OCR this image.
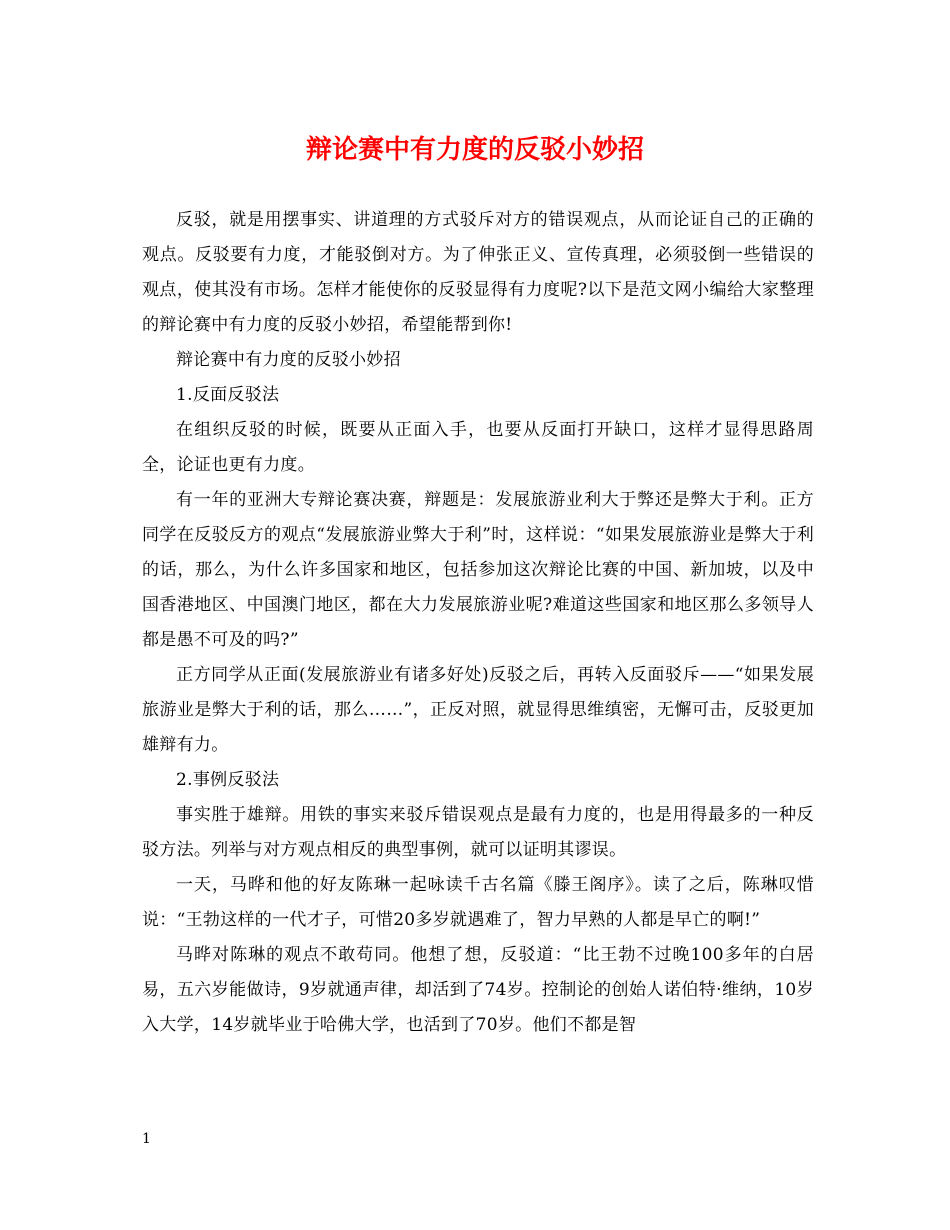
辩论赛中有力度的反驳小妙招

反驳，就是用摆事实、讲道理的方式驳斥对方的错误观点，从而论证自己的正确的观点。反驳要有力度，才能驳倒对方。为了伸张正义、宣传真理，必须驳倒一些错误的观点，使其没有市场。怎样才能使你的反驳显得有力度呢?以下是范文网小编给大家整理的辩论赛中有力度的反驳小妙招，希望能帮到你!

辩论赛中有力度的反驳小妙招

1.反面反驳法

在组织反驳的时候，既要从正面入手，也要从反面打开缺口，这样才显得思路周全，论证也更有力度。

有一年的亚洲大专辩论赛决赛，辩题是：发展旅游业利大于弊还是弊大于利。正方同学在反驳反方的观点“发展旅游业弊大于利”时，这样说：“如果发展旅游业是弊大于利的话，那么，为什么许多国家和地区，包括参加这次辩论比赛的中国、新加坡，以及中国香港地区、中国澳门地区，都在大力发展旅游业呢?难道这些国家和地区那么多领导人都是愚不可及的吗?”

正方同学从正面(发展旅游业有诸多好处)反驳之后，再转入反面驳斥——“如果发展旅游业是弊大于利的话，那么……”，正反对照，就显得思维缜密，无懈可击，反驳更加雄辩有力。

2.事例反驳法

事实胜于雄辩。用铁的事实来驳斥错误观点是最有力度的，也是用得最多的一种反驳方法。列举与对方观点相反的典型事例，就可以证明其谬误。

一天，马晔和他的好友陈琳一起咏读千古名篇《滕王阁序》。读了之后，陈琳叹惜说：“王勃这样的一代才子，可惜20多岁就遇难了，智力早熟的人都是早亡的啊!”

马晔对陈琳的观点不敢苟同。他想了想，反驳道：“比王勃不过晚100多年的白居易，五六岁能做诗，9岁就通声律，却活到了74岁。控制论的创始人诺伯特·维纳，10岁入大学，14岁就毕业于哈佛大学，也活到了70岁。他们不都是智

1
